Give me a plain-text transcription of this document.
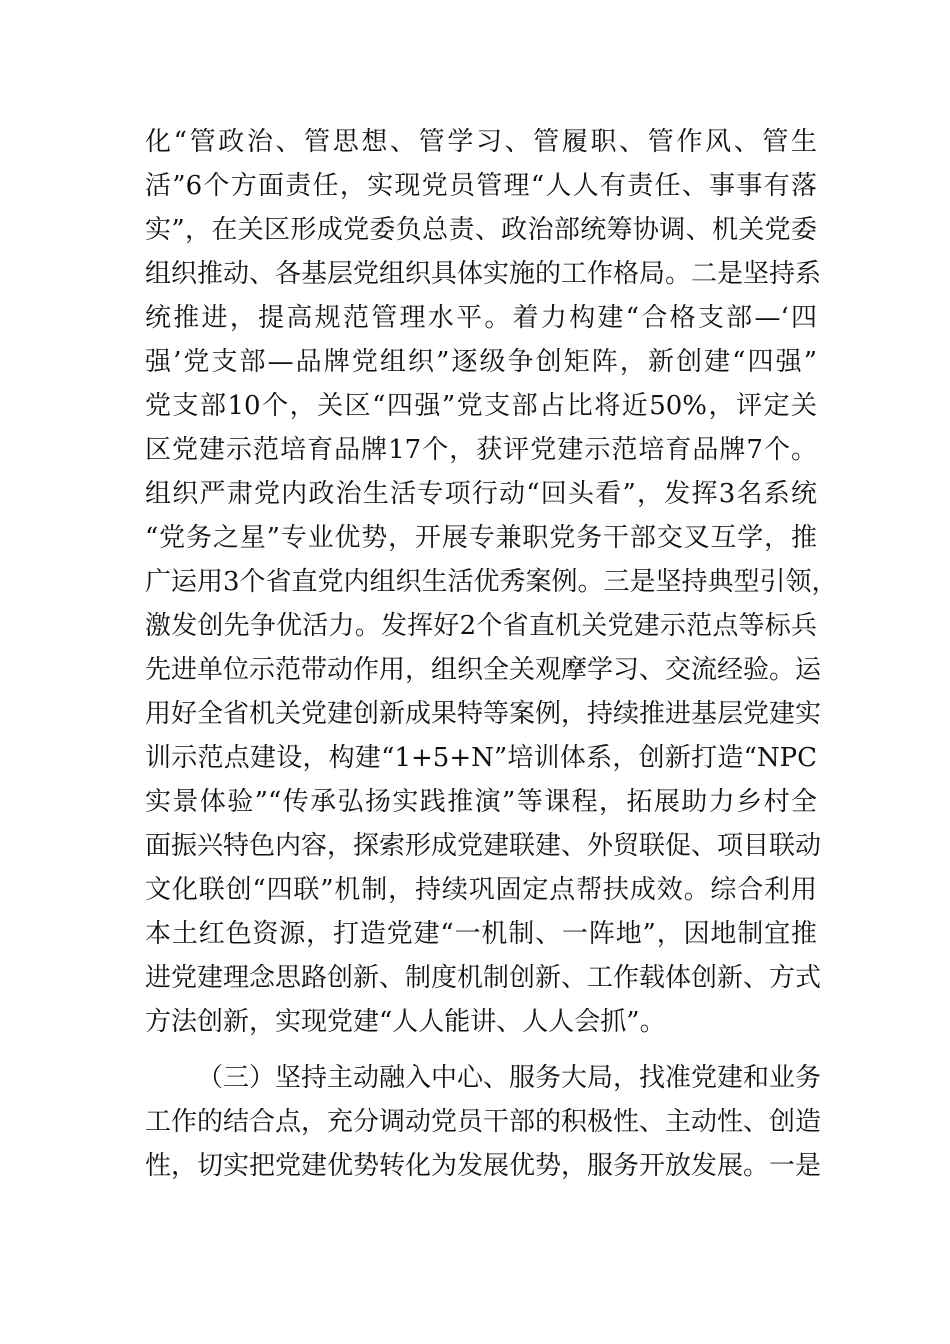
化“管政治、管思想、管学习、管履职、管作风、管生
活”6个方面责任，实现党员管理“人人有责任、事事有落
实”，在关区形成党委负总责、政治部统筹协调、机关党委
组织推动、各基层党组织具体实施的工作格局。二是坚持系
统推进，提高规范管理水平。着力构建“合格支部—‘四
强’党支部—品牌党组织”逐级争创矩阵，新创建“四强”
党支部10个，关区“四强”党支部占比将近50%，评定关
区党建示范培育品牌17个，获评党建示范培育品牌7个。
组织严肃党内政治生活专项行动“回头看”，发挥3名系统
“党务之星”专业优势，开展专兼职党务干部交叉互学，推
广运用3个省直党内组织生活优秀案例。三是坚持典型引领，
激发创先争优活力。发挥好2个省直机关党建示范点等标兵
先进单位示范带动作用，组织全关观摩学习、交流经验。运
用好全省机关党建创新成果特等案例，持续推进基层党建实
训示范点建设，构建“1+5+N”培训体系，创新打造“NPC
实景体验”“传承弘扬实践推演”等课程，拓展助力乡村全
面振兴特色内容，探索形成党建联建、外贸联促、项目联动
文化联创“四联”机制，持续巩固定点帮扶成效。综合利用
本土红色资源，打造党建“一机制、一阵地”，因地制宜推
进党建理念思路创新、制度机制创新、工作载体创新、方式
方法创新，实现党建“人人能讲、人人会抓”。
（三）坚持主动融入中心、服务大局，找准党建和业务
工作的结合点，充分调动党员干部的积极性、主动性、创造
性，切实把党建优势转化为发展优势，服务开放发展。一是
